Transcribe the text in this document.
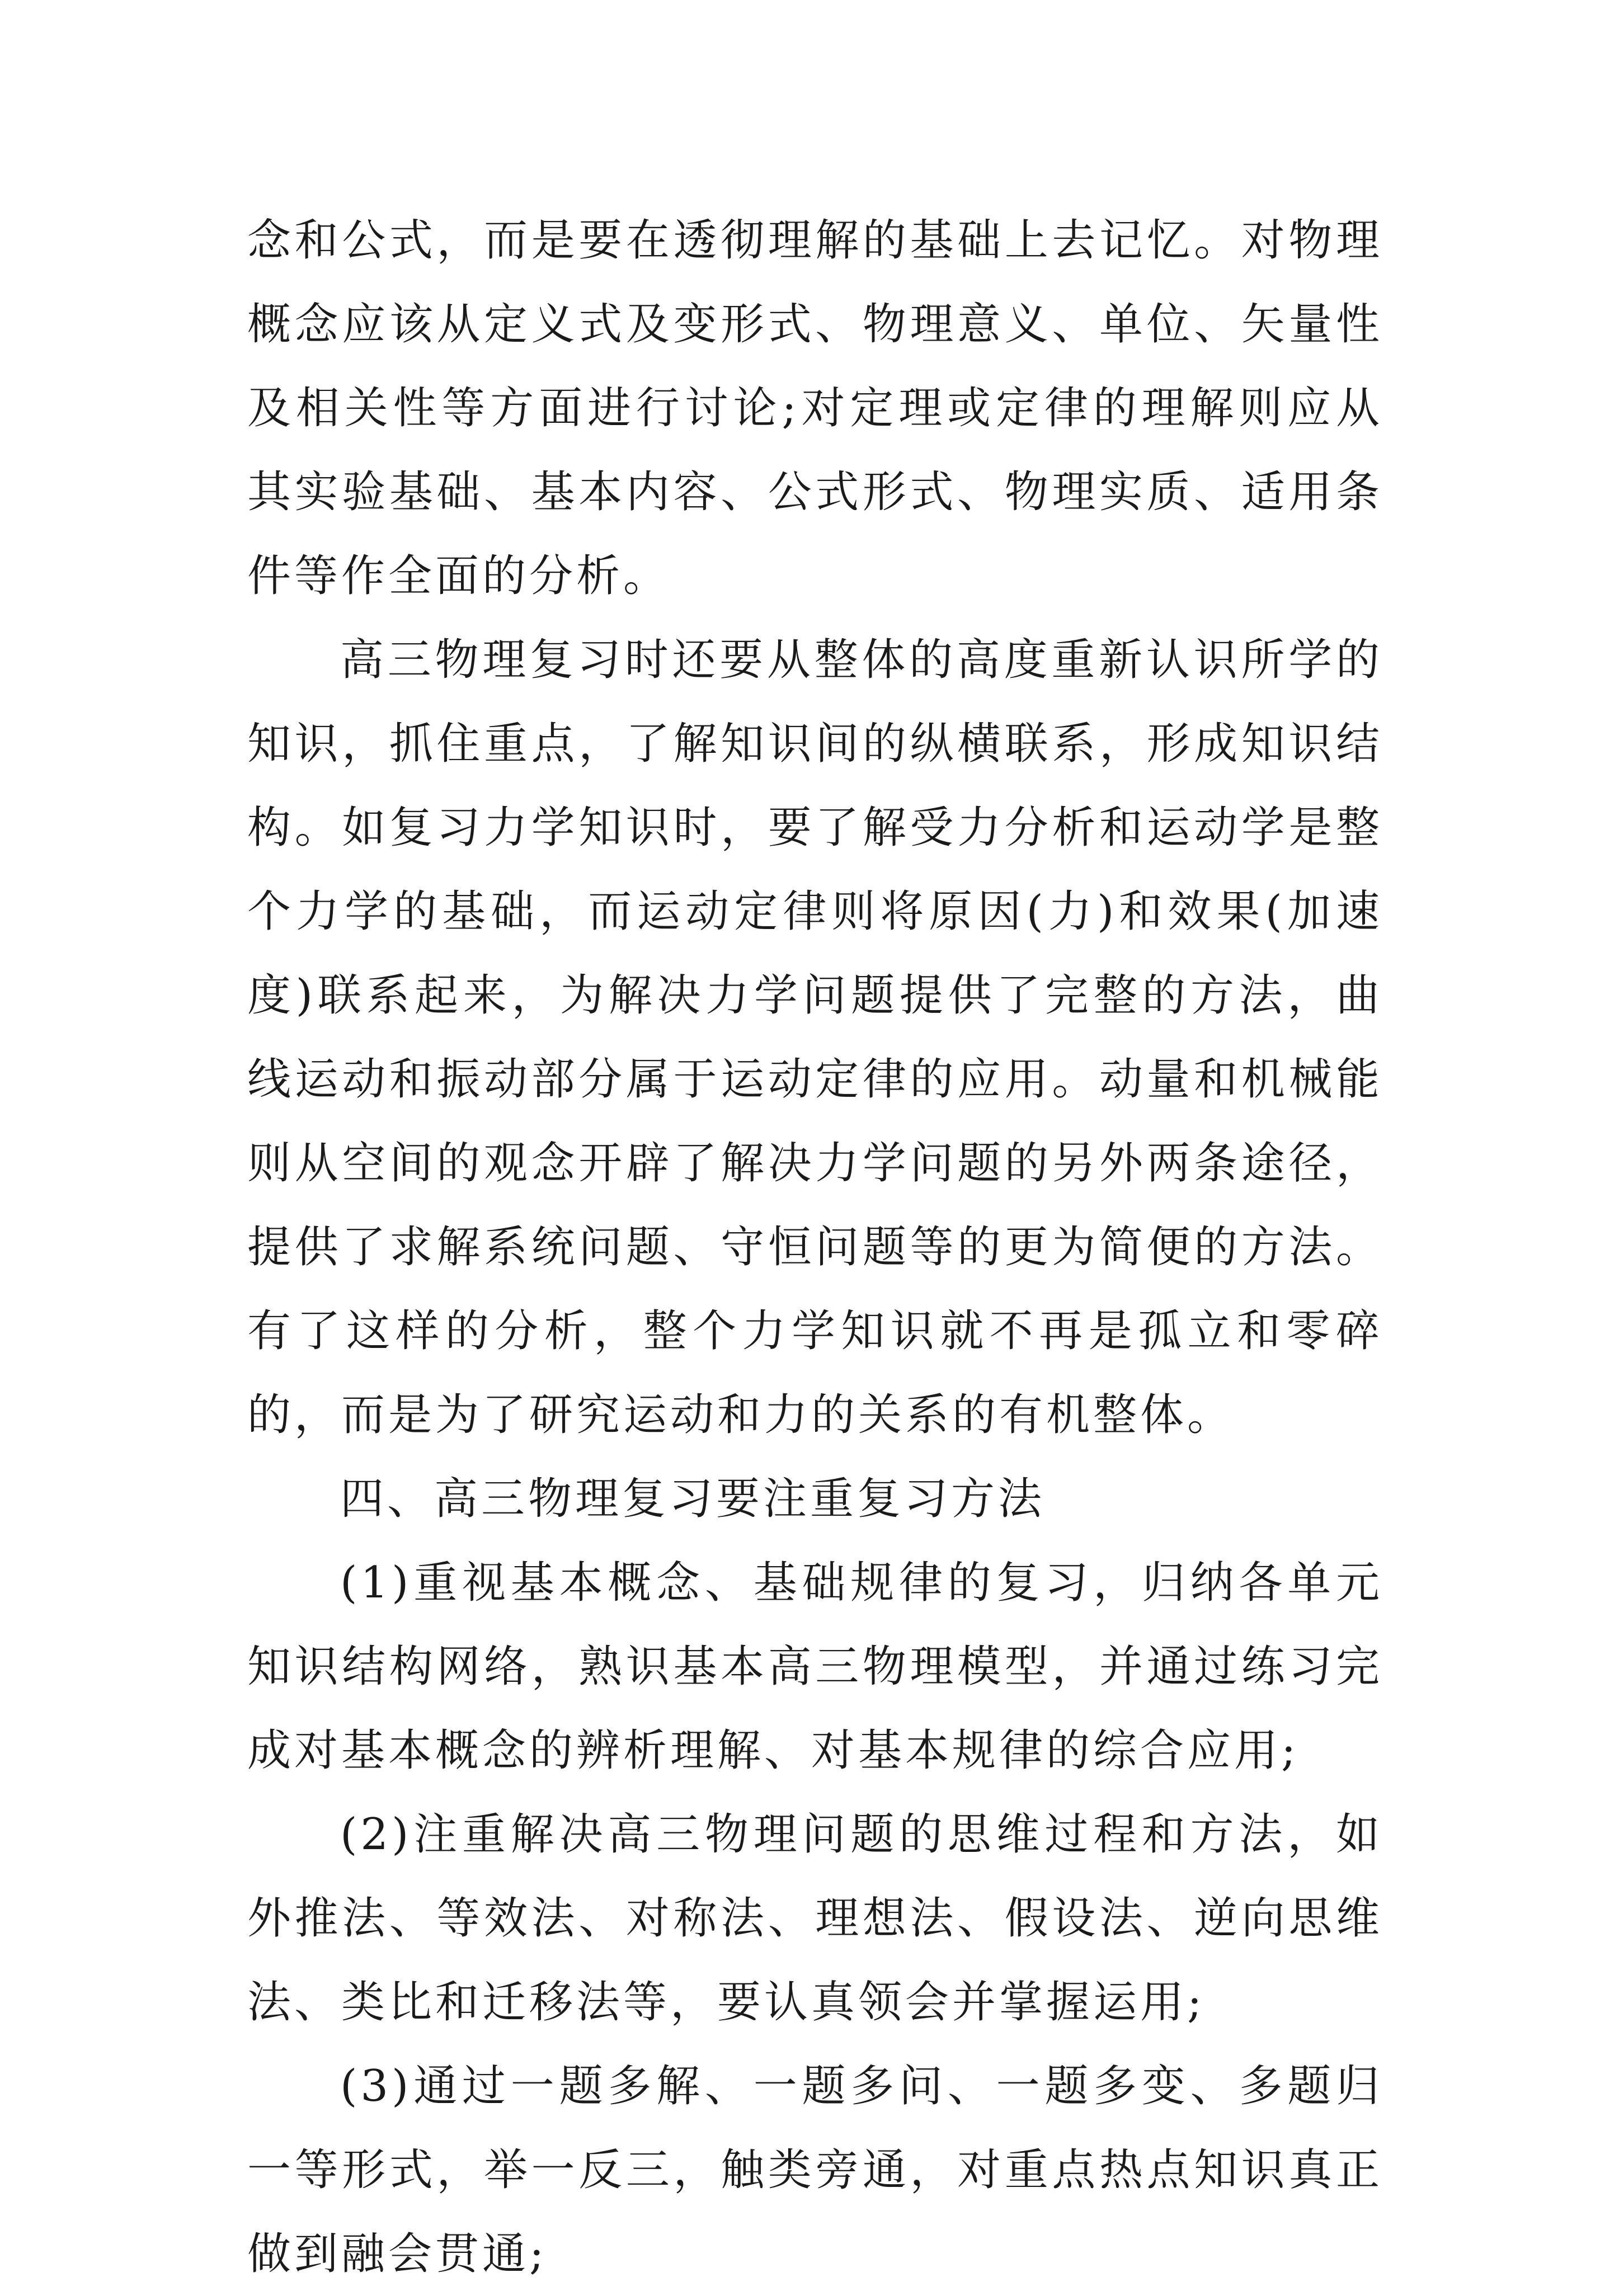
念和公式，而是要在透彻理解的基础上去记忆。对物理概念应该从定义式及变形式、物理意义、单位、矢量性及相关性等方面进行讨论;对定理或定律的理解则应从其实验基础、基本内容、公式形式、物理实质、适用条件等作全面的分析。

高三物理复习时还要从整体的高度重新认识所学的知识，抓住重点，了解知识间的纵横联系，形成知识结构。如复习力学知识时，要了解受力分析和运动学是整个力学的基础，而运动定律则将原因(力)和效果(加速度)联系起来，为解决力学问题提供了完整的方法，曲线运动和振动部分属于运动定律的应用。动量和机械能则从空间的观念开辟了解决力学问题的另外两条途径，提供了求解系统问题、守恒问题等的更为简便的方法。有了这样的分析，整个力学知识就不再是孤立和零碎的，而是为了研究运动和力的关系的有机整体。

四、高三物理复习要注重复习方法

(1)重视基本概念、基础规律的复习，归纳各单元知识结构网络，熟识基本高三物理模型，并通过练习完成对基本概念的辨析理解、对基本规律的综合应用;

(2)注重解决高三物理问题的思维过程和方法，如外推法、等效法、对称法、理想法、假设法、逆向思维法、类比和迁移法等，要认真领会并掌握运用;

(3)通过一题多解、一题多问、一题多变、多题归一等形式，举一反三，触类旁通，对重点热点知识真正做到融会贯通;
